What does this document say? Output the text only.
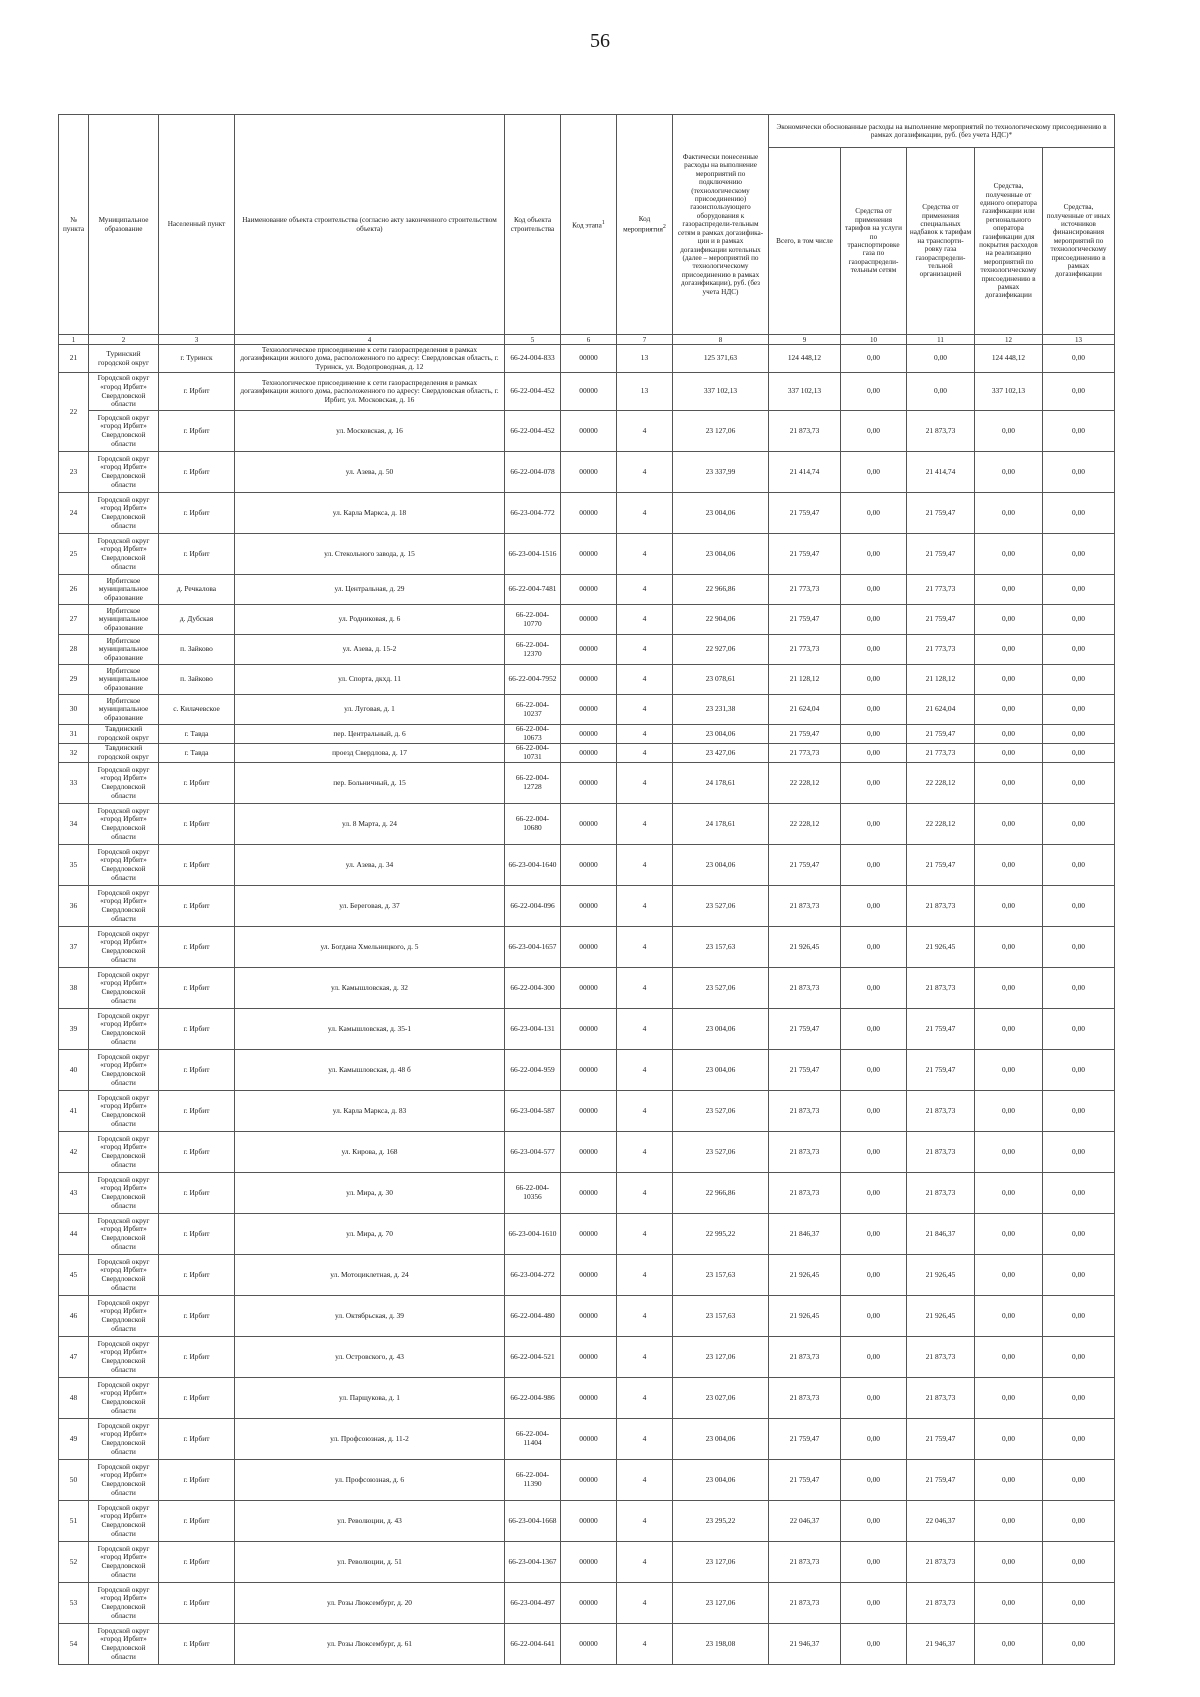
56
№ пункта	Муниципальное образование	Населенный пункт	Наименование объекта строительства (согласно акту законченного строительством объекта)	Код объекта строительства	Код этапа$^1$	Код мероприятия$^2$	Фактически понесенные расходы на выполнение мероприятий по подключению (технологическому присоединению) газоиспользующего оборудования к газораспредели-тельным сетям в рамках догазифика-ции и в рамках догазификации котельных (далее – мероприятий по технологическому присоединению в рамках догазификации), руб. (без учета НДС)	Экономически обоснованные расходы на выполнение мероприятий по технологическому присоединению в рамках догазификации, руб. (без учета НДС)*				
								Всего, в том числе	Средства от применения тарифов на услуги по транспортировке газа по газораспредели-тельным сетям	Средства от применения специальных надбавок к тарифам на транспорти-ровку газа газораспредели-тельной организацией	Средства, полученные от единого оператора газификации или регионального оператора газификации для покрытия расходов на реализацию мероприятий по технологическому присоединению в рамках догазификации	Средства, полученные от иных источников финансирования мероприятий по технологическому присоединению в рамках догазификации
1	2	3	4	5	6	7	8	9	10	11	12	13
21	Туринский городской округ	г. Туринск	Технологическое присоединение к сети газораспределения в рамках догазификации жилого дома, расположенного по адресу: Свердловская область, г. Туринск, ул. Водопроводная, д. 12	66-24-004-833	00000	13	125 371,63	124 448,12	0,00	0,00	124 448,12	0,00
22	Городской округ «город Ирбит» Свердловской области	г. Ирбит	Технологическое присоединение к сети газораспределения в рамках догазификации жилого дома, расположенного по адресу: Свердловская область, г. Ирбит, ул. Московская, д. 16	66-22-004-452	00000	13	337 102,13	337 102,13	0,00	0,00	337 102,13	0,00
	Городской округ «город Ирбит» Свердловской области	г. Ирбит	ул. Московская, д. 16	66-22-004-452	00000	4	23 127,06	21 873,73	0,00	21 873,73	0,00	0,00
23	Городской округ «город Ирбит» Свердловской области	г. Ирбит	ул. Азева, д. 50	66-22-004-078	00000	4	23 337,99	21 414,74	0,00	21 414,74	0,00	0,00
24	Городской округ «город Ирбит» Свердловской области	г. Ирбит	ул. Карла Маркса, д. 18	66-23-004-772	00000	4	23 004,06	21 759,47	0,00	21 759,47	0,00	0,00
25	Городской округ «город Ирбит» Свердловской области	г. Ирбит	ул. Стекольного завода, д. 15	66-23-004-1516	00000	4	23 004,06	21 759,47	0,00	21 759,47	0,00	0,00
26	Ирбитское муниципальное образование	д. Речкалова	ул. Центральная, д. 29	66-22-004-7481	00000	4	22 966,86	21 773,73	0,00	21 773,73	0,00	0,00
27	Ирбитское муниципальное образование	д. Дубская	ул. Родниковая, д. 6	66-22-004-10770	00000	4	22 904,06	21 759,47	0,00	21 759,47	0,00	0,00
28	Ирбитское муниципальное образование	п. Зайково	ул. Азева, д. 15-2	66-22-004-12370	00000	4	22 927,06	21 773,73	0,00	21 773,73	0,00	0,00
29	Ирбитское муниципальное образование	п. Зайково	ул. Спорта, дкхд. 11	66-22-004-7952	00000	4	23 078,61	21 128,12	0,00	21 128,12	0,00	0,00
30	Ирбитское муниципальное образование	с. Килачевское	ул. Луговая, д. 1	66-22-004-10237	00000	4	23 231,38	21 624,04	0,00	21 624,04	0,00	0,00
31	Тавдинский городской округ	г. Тавда	пер. Центральный, д. 6	66-22-004-10673	00000	4	23 004,06	21 759,47	0,00	21 759,47	0,00	0,00
32	Тавдинский городской округ	г. Тавда	проезд Свердлова, д. 17	66-22-004-10731	00000	4	23 427,06	21 773,73	0,00	21 773,73	0,00	0,00
33	Городской округ «город Ирбит» Свердловской области	г. Ирбит	пер. Больничный, д. 15	66-22-004-12728	00000	4	24 178,61	22 228,12	0,00	22 228,12	0,00	0,00
34	Городской округ «город Ирбит» Свердловской области	г. Ирбит	ул. 8 Марта, д. 24	66-22-004-10680	00000	4	24 178,61	22 228,12	0,00	22 228,12	0,00	0,00
35	Городской округ «город Ирбит» Свердловской области	г. Ирбит	ул. Азева, д. 34	66-23-004-1640	00000	4	23 004,06	21 759,47	0,00	21 759,47	0,00	0,00
36	Городской округ «город Ирбит» Свердловской области	г. Ирбит	ул. Береговая, д. 37	66-22-004-096	00000	4	23 527,06	21 873,73	0,00	21 873,73	0,00	0,00
37	Городской округ «город Ирбит» Свердловской области	г. Ирбит	ул. Богдана Хмельницкого, д. 5	66-23-004-1657	00000	4	23 157,63	21 926,45	0,00	21 926,45	0,00	0,00
38	Городской округ «город Ирбит» Свердловской области	г. Ирбит	ул. Камышловская, д. 32	66-22-004-300	00000	4	23 527,06	21 873,73	0,00	21 873,73	0,00	0,00
39	Городской округ «город Ирбит» Свердловской области	г. Ирбит	ул. Камышловская, д. 35-1	66-23-004-131	00000	4	23 004,06	21 759,47	0,00	21 759,47	0,00	0,00
40	Городской округ «город Ирбит» Свердловской области	г. Ирбит	ул. Камышловская, д. 48 б	66-22-004-959	00000	4	23 004,06	21 759,47	0,00	21 759,47	0,00	0,00
41	Городской округ «город Ирбит» Свердловской области	г. Ирбит	ул. Карла Маркса, д. 83	66-23-004-587	00000	4	23 527,06	21 873,73	0,00	21 873,73	0,00	0,00
42	Городской округ «город Ирбит» Свердловской области	г. Ирбит	ул. Кирова, д. 168	66-23-004-577	00000	4	23 527,06	21 873,73	0,00	21 873,73	0,00	0,00
43	Городской округ «город Ирбит» Свердловской области	г. Ирбит	ул. Мира, д. 30	66-22-004-10356	00000	4	22 966,86	21 873,73	0,00	21 873,73	0,00	0,00
44	Городской округ «город Ирбит» Свердловской области	г. Ирбит	ул. Мира, д. 70	66-23-004-1610	00000	4	22 995,22	21 846,37	0,00	21 846,37	0,00	0,00
45	Городской округ «город Ирбит» Свердловской области	г. Ирбит	ул. Мотоциклетная, д. 24	66-23-004-272	00000	4	23 157,63	21 926,45	0,00	21 926,45	0,00	0,00
46	Городской округ «город Ирбит» Свердловской области	г. Ирбит	ул. Октябрьская, д. 39	66-22-004-480	00000	4	23 157,63	21 926,45	0,00	21 926,45	0,00	0,00
47	Городской округ «город Ирбит» Свердловской области	г. Ирбит	ул. Островского, д. 43	66-22-004-521	00000	4	23 127,06	21 873,73	0,00	21 873,73	0,00	0,00
48	Городской округ «город Ирбит» Свердловской области	г. Ирбит	ул. Парщукова, д. 1	66-22-004-986	00000	4	23 027,06	21 873,73	0,00	21 873,73	0,00	0,00
49	Городской округ «город Ирбит» Свердловской области	г. Ирбит	ул. Профсоюзная, д. 11-2	66-22-004-11404	00000	4	23 004,06	21 759,47	0,00	21 759,47	0,00	0,00
50	Городской округ «город Ирбит» Свердловской области	г. Ирбит	ул. Профсоюзная, д. 6	66-22-004-11390	00000	4	23 004,06	21 759,47	0,00	21 759,47	0,00	0,00
51	Городской округ «город Ирбит» Свердловской области	г. Ирбит	ул. Революции, д. 43	66-23-004-1668	00000	4	23 295,22	22 046,37	0,00	22 046,37	0,00	0,00
52	Городской округ «город Ирбит» Свердловской области	г. Ирбит	ул. Революции, д. 51	66-23-004-1367	00000	4	23 127,06	21 873,73	0,00	21 873,73	0,00	0,00
53	Городской округ «город Ирбит» Свердловской области	г. Ирбит	ул. Розы Люксембург, д. 20	66-23-004-497	00000	4	23 127,06	21 873,73	0,00	21 873,73	0,00	0,00
54	Городской округ «город Ирбит» Свердловской области	г. Ирбит	ул. Розы Люксембург, д. 61	66-22-004-641	00000	4	23 198,08	21 946,37	0,00	21 946,37	0,00	0,00
